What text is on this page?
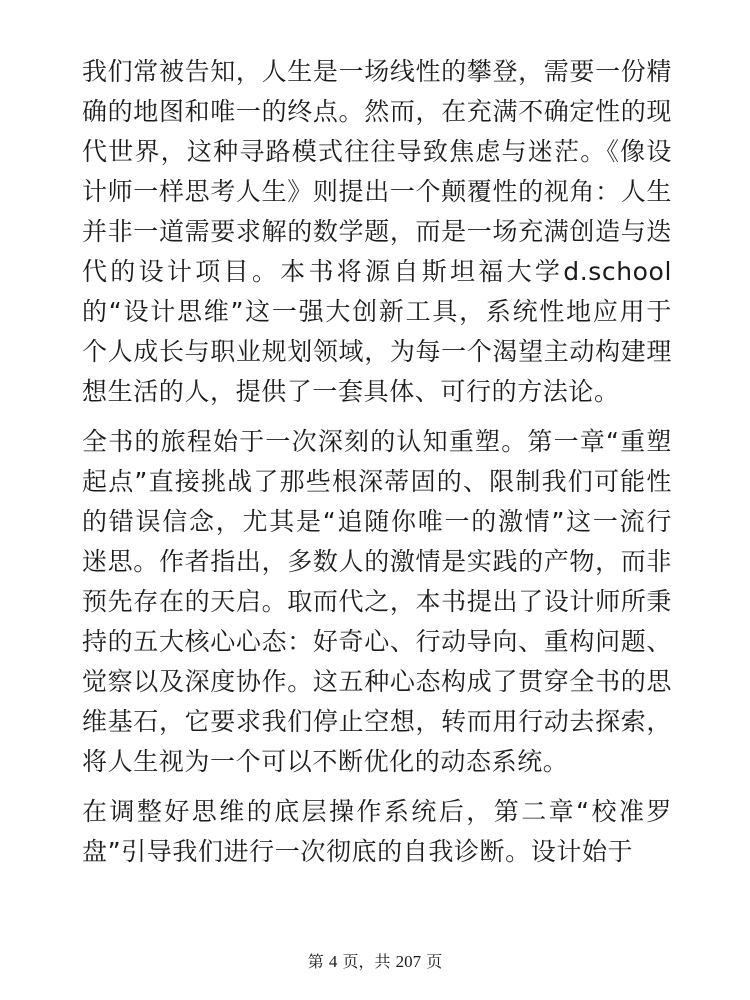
我们常被告知，人生是一场线性的攀登，需要一份精确的地图和唯一的终点。然而，在充满不确定性的现代世界，这种寻路模式往往导致焦虑与迷茫。《像设计师一样思考人生》则提出一个颠覆性的视角：人生并非一道需要求解的数学题，而是一场充满创造与迭代的设计项目。本书将源自斯坦福大学d.school的“设计思维”这一强大创新工具，系统性地应用于个人成长与职业规划领域，为每一个渴望主动构建理想生活的人，提供了一套具体、可行的方法论。

全书的旅程始于一次深刻的认知重塑。第一章“重塑起点”直接挑战了那些根深蒂固的、限制我们可能性的错误信念，尤其是“追随你唯一的激情”这一流行迷思。作者指出，多数人的激情是实践的产物，而非预先存在的天启。取而代之，本书提出了设计师所秉持的五大核心心态：好奇心、行动导向、重构问题、觉察以及深度协作。这五种心态构成了贯穿全书的思维基石，它要求我们停止空想，转而用行动去探索，将人生视为一个可以不断优化的动态系统。

在调整好思维的底层操作系统后，第二章“校准罗盘”引导我们进行一次彻底的自我诊断。设计始于

第 4 页，共 207 页
